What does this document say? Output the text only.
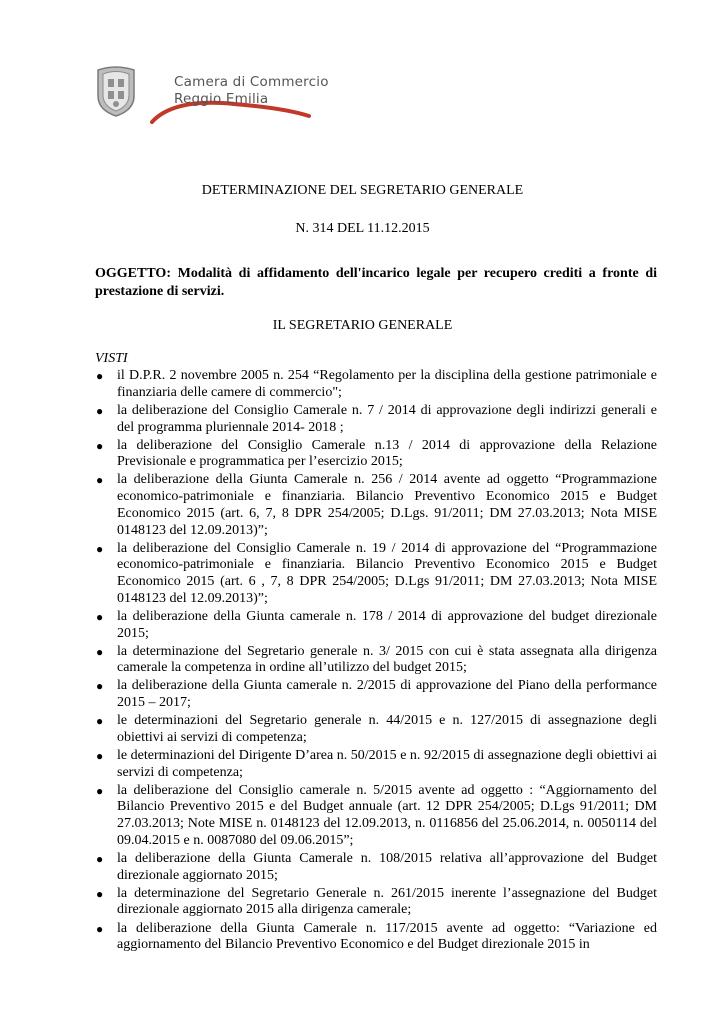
Camera di Commercio
Reggio Emilia
DETERMINAZIONE DEL SEGRETARIO GENERALE
N. 314 DEL 11.12.2015
OGGETTO: Modalità di affidamento dell'incarico legale per recupero crediti a fronte di prestazione di servizi.
IL SEGRETARIO GENERALE
VISTI
● il D.P.R. 2 novembre 2005 n. 254 “Regolamento per la disciplina della gestione patrimoniale e finanziaria delle camere di commercio";
● la deliberazione del Consiglio Camerale n. 7 / 2014 di approvazione degli indirizzi generali e del programma pluriennale 2014- 2018 ;
● la deliberazione del Consiglio Camerale n.13 / 2014 di approvazione della Relazione Previsionale e programmatica per l’esercizio 2015;
● la deliberazione della Giunta Camerale n. 256 / 2014 avente ad oggetto “Programmazione economico-patrimoniale e finanziaria. Bilancio Preventivo Economico 2015 e Budget Economico 2015 (art. 6, 7, 8 DPR 254/2005; D.Lgs. 91/2011; DM 27.03.2013; Nota MISE 0148123 del 12.09.2013)”;
● la deliberazione del Consiglio Camerale n. 19 / 2014 di approvazione del “Programmazione economico-patrimoniale e finanziaria. Bilancio Preventivo Economico 2015 e Budget Economico 2015 (art. 6 , 7, 8 DPR 254/2005; D.Lgs 91/2011; DM 27.03.2013; Nota MISE 0148123 del 12.09.2013)”;
● la deliberazione della Giunta camerale n. 178 / 2014 di approvazione del budget direzionale 2015;
● la determinazione del Segretario generale n. 3/ 2015 con cui è stata assegnata alla dirigenza camerale la competenza in ordine all’utilizzo del budget 2015;
● la deliberazione della Giunta camerale n. 2/2015 di approvazione del Piano della performance 2015 – 2017;
● le determinazioni del Segretario generale n. 44/2015 e n. 127/2015 di assegnazione degli obiettivi ai servizi di competenza;
● le determinazioni del Dirigente D’area n. 50/2015 e n. 92/2015 di assegnazione degli obiettivi ai servizi di competenza;
● la deliberazione del Consiglio camerale n. 5/2015 avente ad oggetto : “Aggiornamento del Bilancio Preventivo 2015 e del Budget annuale (art. 12 DPR 254/2005; D.Lgs 91/2011; DM 27.03.2013; Note MISE n. 0148123 del 12.09.2013, n. 0116856 del 25.06.2014, n. 0050114 del 09.04.2015 e n. 0087080 del 09.06.2015”;
● la deliberazione della Giunta Camerale n. 108/2015 relativa all’approvazione del Budget direzionale aggiornato 2015;
● la determinazione del Segretario Generale n. 261/2015 inerente l’assegnazione del Budget direzionale aggiornato 2015 alla dirigenza camerale;
● la deliberazione della Giunta Camerale n. 117/2015 avente ad oggetto: “Variazione ed aggiornamento del Bilancio Preventivo Economico e del Budget direzionale 2015 in
